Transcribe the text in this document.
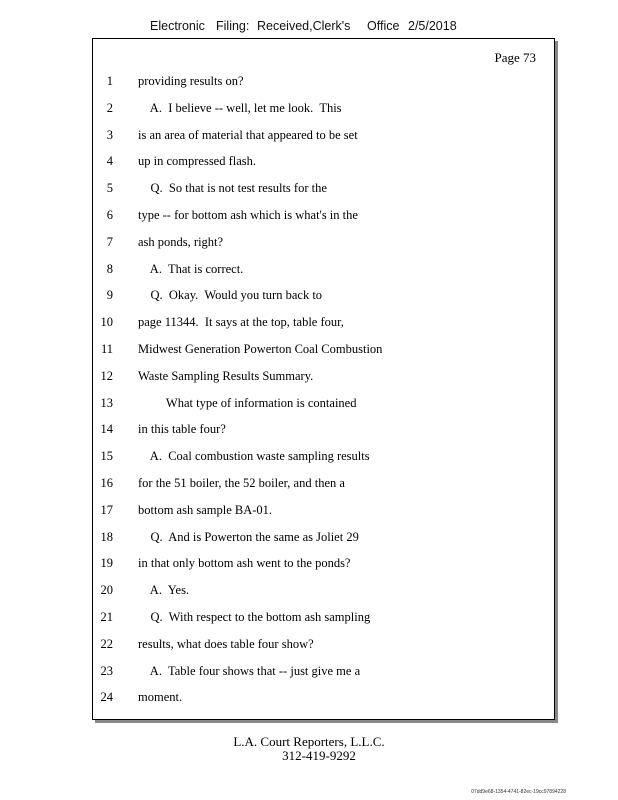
Electronic Filing: Received,Clerk's Office 2/5/2018
Page 73
1 providing results on?
2 A.  I believe -- well, let me look.  This
3 is an area of material that appeared to be set
4 up in compressed flash.
5 Q.  So that is not test results for the
6 type -- for bottom ash which is what's in the
7 ash ponds, right?
8 A.  That is correct.
9 Q.  Okay.  Would you turn back to
10 page 11344.  It says at the top, table four,
11 Midwest Generation Powerton Coal Combustion
12 Waste Sampling Results Summary.
13 What type of information is contained
14 in this table four?
15 A.  Coal combustion waste sampling results
16 for the 51 boiler, the 52 boiler, and then a
17 bottom ash sample BA-01.
18 Q.  And is Powerton the same as Joliet 29
19 in that only bottom ash went to the ponds?
20 A.  Yes.
21 Q.  With respect to the bottom ash sampling
22 results, what does table four show?
23 A.  Table four shows that -- just give me a
24 moment.
L.A. Court Reporters, L.L.C.
312-419-9292
07dd9e68-1354-4741-82ec-19cc97894228
